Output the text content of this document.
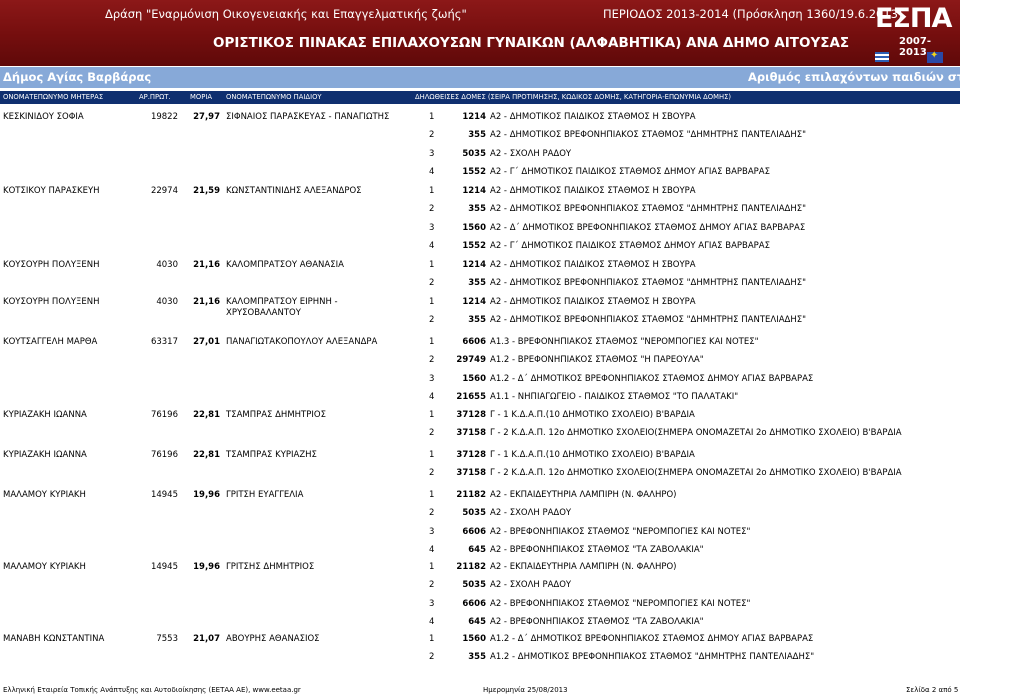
Δράση "Εναρμόνιση Οικογενειακής και Επαγγελματικής ζωής"	ΠΕΡΙΟΔΟΣ 2013-2014 (Πρόσκληση 1360/19.6.2013)
ΟΡΙΣΤΙΚΟΣ ΠΙΝΑΚΑΣ ΕΠΙΛΑΧΟΥΣΩΝ ΓΥΝΑΙΚΩΝ (ΑΛΦΑΒΗΤΙΚΑ) ΑΝΑ ΔΗΜΟ ΑΙΤΟΥΣΑΣ
ΕΣΠΑ
2007-2013
✦
Δήμος Αγίας Βαρβάρας	Αριθμός επιλαχόντων παιδιών στο Δήμο: 49
ΟΝΟΜΑΤΕΠΩΝΥΜΟ ΜΗΤΕΡΑΣ	ΑΡ.ΠΡΩΤ.	ΜΟΡΙΑ ΟΝΟΜΑΤΕΠΩΝΥΜΟ ΠΑΙΔΙΟΥ	ΔΗΛΩΘΕΙΣΕΣ ΔΟΜΕΣ (ΣΕΙΡΑ ΠΡΟΤΙΜΗΣΗΣ, ΚΩΔΙΚΟΣ ΔΟΜΗΣ, ΚΑΤΗΓΟΡΙΑ-ΕΠΩΝΥΜΙΑ ΔΟΜΗΣ)
ΚΕΣΚΙΝΙΔΟΥ ΣΟΦΙΑ	19822 27,97 ΣΙΦΝΑΙΟΣ ΠΑΡΑΣΚΕΥΑΣ - ΠΑΝΑΓΙΩΤΗΣ	1	1214 Α2 - ΔΗΜΟΤΙΚΟΣ ΠΑΙΔΙΚΟΣ ΣΤΑΘΜΟΣ Η ΣΒΟΥΡΑ
2	355 Α2 - ΔΗΜΟΤΙΚΟΣ ΒΡΕΦΟΝΗΠΙΑΚΟΣ ΣΤΑΘΜΟΣ "ΔΗΜΗΤΡΗΣ ΠΑΝΤΕΛΙΑΔΗΣ"
3	5035 Α2 - ΣΧΟΛΗ ΡΑΔΟΥ
4	1552 Α2 - Γ΄ ΔΗΜΟΤΙΚΟΣ ΠΑΙΔΙΚΟΣ ΣΤΑΘΜΟΣ ΔΗΜΟΥ ΑΓΙΑΣ ΒΑΡΒΑΡΑΣ
ΚΟΤΣΙΚΟΥ ΠΑΡΑΣΚΕΥΗ	22974 21,59 ΚΩΝΣΤΑΝΤΙΝΙΔΗΣ ΑΛΕΞΑΝΔΡΟΣ	1	1214 Α2 - ΔΗΜΟΤΙΚΟΣ ΠΑΙΔΙΚΟΣ ΣΤΑΘΜΟΣ Η ΣΒΟΥΡΑ
2	355 Α2 - ΔΗΜΟΤΙΚΟΣ ΒΡΕΦΟΝΗΠΙΑΚΟΣ ΣΤΑΘΜΟΣ "ΔΗΜΗΤΡΗΣ ΠΑΝΤΕΛΙΑΔΗΣ"
3	1560 Α2 - Δ΄ ΔΗΜΟΤΙΚΟΣ ΒΡΕΦΟΝΗΠΙΑΚΟΣ ΣΤΑΘΜΟΣ ΔΗΜΟΥ ΑΓΙΑΣ ΒΑΡΒΑΡΑΣ
4	1552 Α2 - Γ΄ ΔΗΜΟΤΙΚΟΣ ΠΑΙΔΙΚΟΣ ΣΤΑΘΜΟΣ ΔΗΜΟΥ ΑΓΙΑΣ ΒΑΡΒΑΡΑΣ
ΚΟΥΣΟΥΡΗ ΠΟΛΥΞΕΝΗ	4030 21,16 ΚΑΛΟΜΠΡΑΤΣΟΥ ΑΘΑΝΑΣΙΑ	1	1214 Α2 - ΔΗΜΟΤΙΚΟΣ ΠΑΙΔΙΚΟΣ ΣΤΑΘΜΟΣ Η ΣΒΟΥΡΑ
2	355 Α2 - ΔΗΜΟΤΙΚΟΣ ΒΡΕΦΟΝΗΠΙΑΚΟΣ ΣΤΑΘΜΟΣ "ΔΗΜΗΤΡΗΣ ΠΑΝΤΕΛΙΑΔΗΣ"
ΚΟΥΣΟΥΡΗ ΠΟΛΥΞΕΝΗ	4030 21,16 ΚΑΛΟΜΠΡΑΤΣΟΥ ΕΙΡΗΝΗ - ΧΡΥΣΟΒΑΛΑΝΤΟΥ
1	1214 Α2 - ΔΗΜΟΤΙΚΟΣ ΠΑΙΔΙΚΟΣ ΣΤΑΘΜΟΣ Η ΣΒΟΥΡΑ
2	355 Α2 - ΔΗΜΟΤΙΚΟΣ ΒΡΕΦΟΝΗΠΙΑΚΟΣ ΣΤΑΘΜΟΣ "ΔΗΜΗΤΡΗΣ ΠΑΝΤΕΛΙΑΔΗΣ"
ΚΟΥΤΣΑΓΓΕΛΗ ΜΑΡΘΑ	63317 27,01 ΠΑΝΑΓΙΩΤΑΚΟΠΟΥΛΟΥ ΑΛΕΞΑΝΔΡΑ	1	6606 Α1.3 - ΒΡΕΦΟΝΗΠΙΑΚΟΣ ΣΤΑΘΜΟΣ "ΝΕΡΟΜΠΟΓΙΕΣ ΚΑΙ ΝΟΤΕΣ"
2	29749 Α1.2 - ΒΡΕΦΟΝΗΠΙΑΚΟΣ ΣΤΑΘΜΟΣ "Η ΠΑΡΕΟΥΛΑ"
3	1560 Α1.2 - Δ΄ ΔΗΜΟΤΙΚΟΣ ΒΡΕΦΟΝΗΠΙΑΚΟΣ ΣΤΑΘΜΟΣ ΔΗΜΟΥ ΑΓΙΑΣ ΒΑΡΒΑΡΑΣ
4	21655 Α1.1 - ΝΗΠΙΑΓΩΓΕΙΟ - ΠΑΙΔΙΚΟΣ ΣΤΑΘΜΟΣ "ΤΟ ΠΑΛΑΤΑΚΙ"
ΚΥΡΙΑΖΑΚΗ ΙΩΑΝΝΑ	76196 22,81 ΤΣΑΜΠΡΑΣ ΔΗΜΗΤΡΙΟΣ	1	37128 Γ - 1 Κ.Δ.Α.Π.(10 ΔΗΜΟΤΙΚΟ ΣΧΟΛΕΙΟ) Β'ΒΑΡΔΙΑ
2	37158 Γ - 2 Κ.Δ.Α.Π. 12ο ΔΗΜΟΤΙΚΟ ΣΧΟΛΕΙΟ(ΣΗΜΕΡΑ ΟΝΟΜΑΖΕΤΑΙ 2ο ΔΗΜΟΤΙΚΟ ΣΧΟΛΕΙΟ) Β'ΒΑΡΔΙΑ
ΚΥΡΙΑΖΑΚΗ ΙΩΑΝΝΑ	76196 22,81 ΤΣΑΜΠΡΑΣ ΚΥΡΙΑΖΗΣ	1	37128 Γ - 1 Κ.Δ.Α.Π.(10 ΔΗΜΟΤΙΚΟ ΣΧΟΛΕΙΟ) Β'ΒΑΡΔΙΑ
2	37158 Γ - 2 Κ.Δ.Α.Π. 12ο ΔΗΜΟΤΙΚΟ ΣΧΟΛΕΙΟ(ΣΗΜΕΡΑ ΟΝΟΜΑΖΕΤΑΙ 2ο ΔΗΜΟΤΙΚΟ ΣΧΟΛΕΙΟ) Β'ΒΑΡΔΙΑ
ΜΑΛΑΜΟΥ ΚΥΡΙΑΚΗ	14945 19,96 ΓΡΙΤΣΗ ΕΥΑΓΓΕΛΙΑ	1	21182 Α2 - ΕΚΠΑΙΔΕΥΤΗΡΙΑ ΛΑΜΠΙΡΗ (Ν. ΦΑΛΗΡΟ)
2	5035 Α2 - ΣΧΟΛΗ ΡΑΔΟΥ
3	6606 Α2 - ΒΡΕΦΟΝΗΠΙΑΚΟΣ ΣΤΑΘΜΟΣ "ΝΕΡΟΜΠΟΓΙΕΣ ΚΑΙ ΝΟΤΕΣ"
4	645 Α2 - ΒΡΕΦΟΝΗΠΙΑΚΟΣ ΣΤΑΘΜΟΣ "ΤΑ ΖΑΒΟΛΑΚΙΑ"
ΜΑΛΑΜΟΥ ΚΥΡΙΑΚΗ	14945 19,96 ΓΡΙΤΣΗΣ ΔΗΜΗΤΡΙΟΣ	1	21182 Α2 - ΕΚΠΑΙΔΕΥΤΗΡΙΑ ΛΑΜΠΙΡΗ (Ν. ΦΑΛΗΡΟ)
2	5035 Α2 - ΣΧΟΛΗ ΡΑΔΟΥ
3	6606 Α2 - ΒΡΕΦΟΝΗΠΙΑΚΟΣ ΣΤΑΘΜΟΣ "ΝΕΡΟΜΠΟΓΙΕΣ ΚΑΙ ΝΟΤΕΣ"
4	645 Α2 - ΒΡΕΦΟΝΗΠΙΑΚΟΣ ΣΤΑΘΜΟΣ "ΤΑ ΖΑΒΟΛΑΚΙΑ"
ΜΑΝΑΒΗ ΚΩΝΣΤΑΝΤΙΝΑ	7553 21,07 ΑΒΟΥΡΗΣ ΑΘΑΝΑΣΙΟΣ	1	1560 Α1.2 - Δ΄ ΔΗΜΟΤΙΚΟΣ ΒΡΕΦΟΝΗΠΙΑΚΟΣ ΣΤΑΘΜΟΣ ΔΗΜΟΥ ΑΓΙΑΣ ΒΑΡΒΑΡΑΣ
2	355 Α1.2 - ΔΗΜΟΤΙΚΟΣ ΒΡΕΦΟΝΗΠΙΑΚΟΣ ΣΤΑΘΜΟΣ "ΔΗΜΗΤΡΗΣ ΠΑΝΤΕΛΙΑΔΗΣ"
Ελληνική Εταιρεία Τοπικής Ανάπτυξης και Αυτοδιοίκησης (ΕΕΤΑΑ ΑΕ), www.eetaa.gr	Ημερομηνία 25/08/2013	Σελίδα 2 από 5
